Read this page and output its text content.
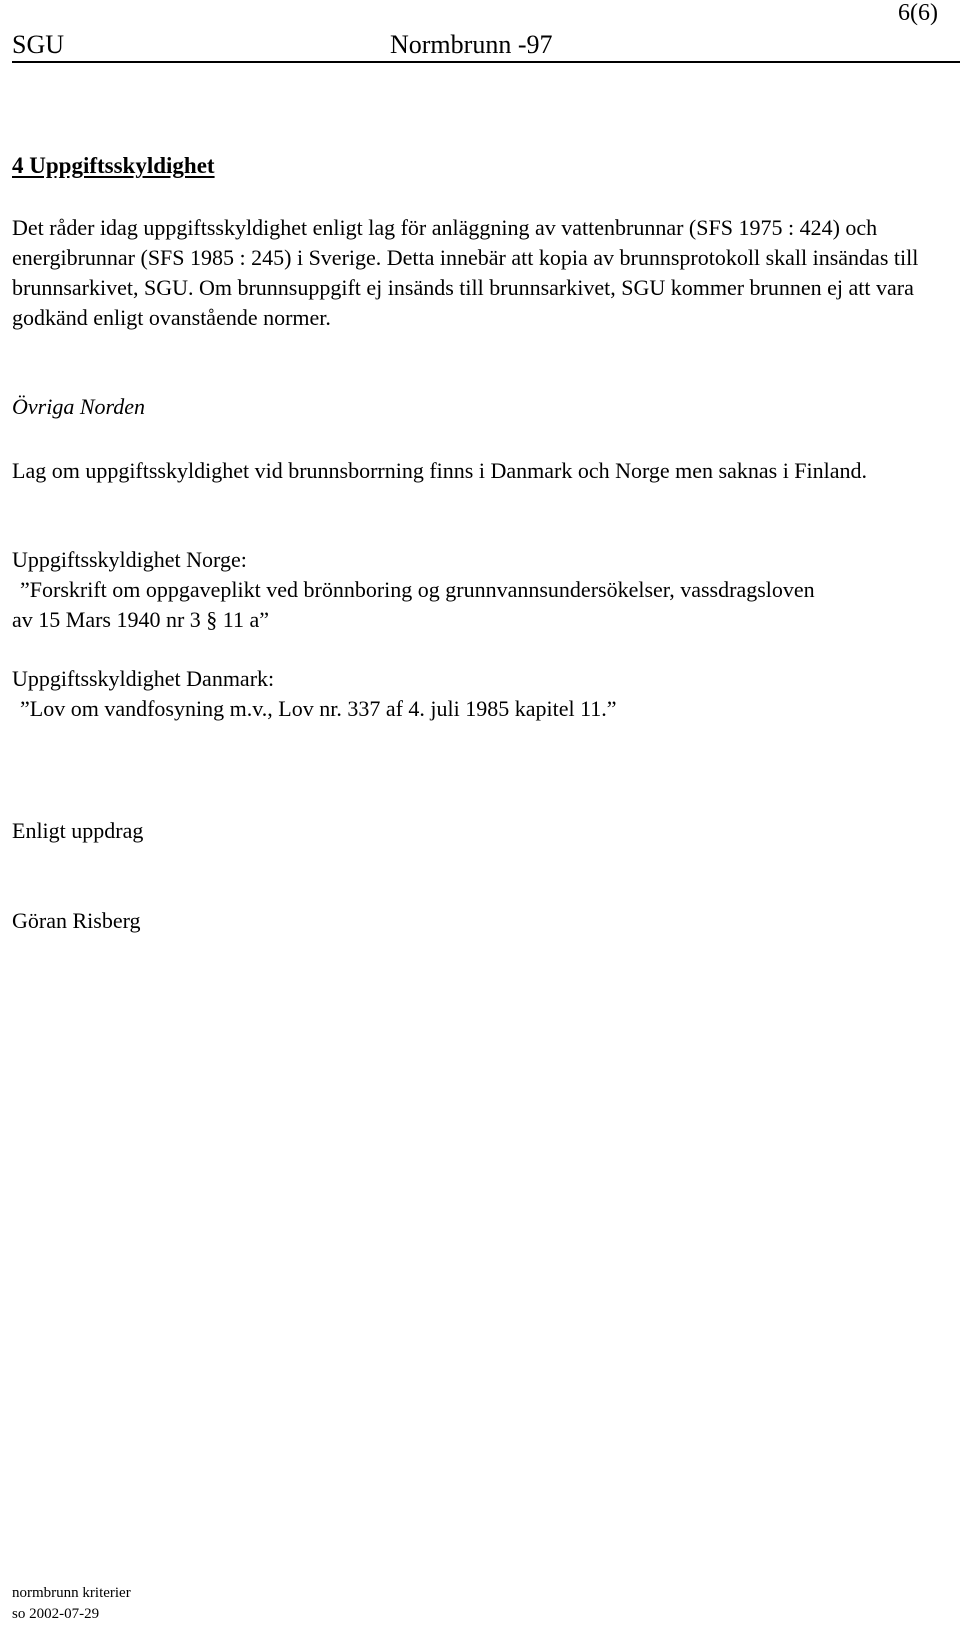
6(6)
SGU	Normbrunn -97
4 Uppgiftsskyldighet
Det råder idag uppgiftsskyldighet enligt lag för anläggning av vattenbrunnar (SFS 1975 : 424) och energibrunnar (SFS 1985 : 245) i Sverige. Detta innebär att kopia av brunnsprotokoll skall insändas till brunnsarkivet, SGU. Om brunnsuppgift ej insänds till brunnsarkivet, SGU kommer brunnen ej att vara godkänd enligt ovanstående normer.
Övriga Norden
Lag om uppgiftsskyldighet vid brunnsborrning finns i Danmark och Norge men saknas i Finland.
Uppgiftsskyldighet Norge:
”Forskrift om oppgaveplikt ved brönnboring og grunnvannsundersökelser, vassdragsloven
av 15 Mars 1940 nr 3 § 11 a”
Uppgiftsskyldighet Danmark:
”Lov om vandfosyning m.v., Lov nr. 337 af 4. juli 1985 kapitel 11.”
Enligt uppdrag
Göran Risberg
normbrunn kriterier
so 2002-07-29
